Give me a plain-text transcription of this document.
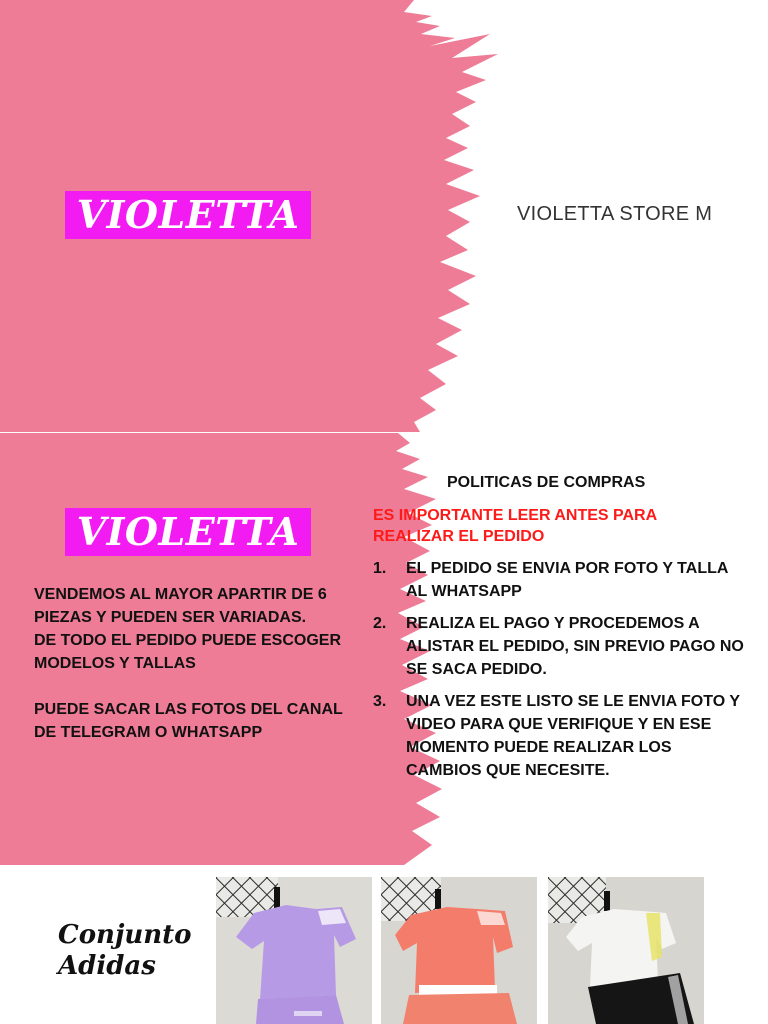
VIOLETTA	VIOLETTA STORE M
VIOLETTA
POLITICAS DE COMPRAS
ES IMPORTANTE LEER ANTES PARA REALIZAR EL PEDIDO
1. EL PEDIDO SE ENVIA POR FOTO Y TALLA AL WHATSAPP
2. REALIZA EL PAGO Y PROCEDEMOS A ALISTAR EL PEDIDO, SIN PREVIO PAGO NO SE SACA PEDIDO.
3. UNA VEZ ESTE LISTO SE LE ENVIA FOTO Y VIDEO PARA QUE VERIFIQUE Y EN ESE MOMENTO PUEDE REALIZAR LOS CAMBIOS QUE NECESITE.

VENDEMOS AL MAYOR APARTIR DE 6 PIEZAS Y PUEDEN SER VARIADAS.

DE TODO EL PEDIDO PUEDE ESCOGER MODELOS Y TALLAS

PUEDE SACAR LAS FOTOS DEL CANAL DE TELEGRAM O WHATSAPP

Conjunto
Adidas
